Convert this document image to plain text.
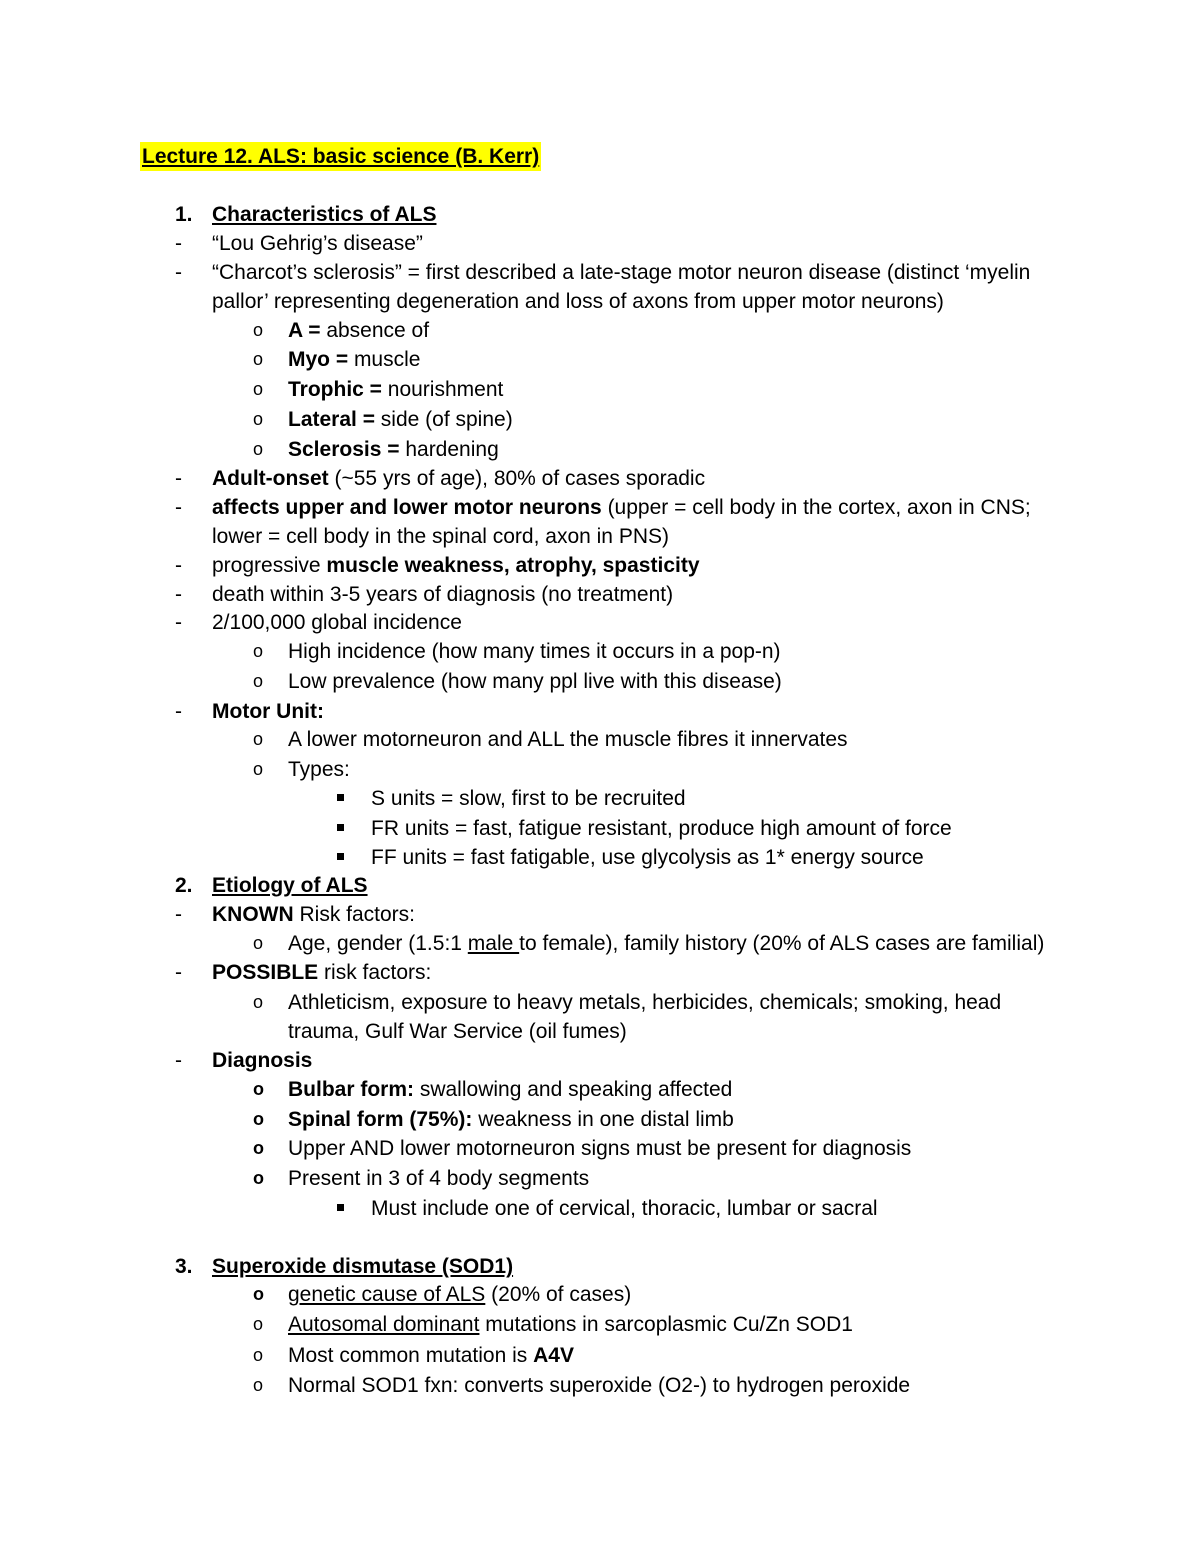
Lecture 12. ALS: basic science (B. Kerr)
1. Characteristics of ALS
-	“Lou Gehrig’s disease”
-	“Charcot’s sclerosis” = first described a late-stage motor neuron disease (distinct ‘myelin
pallor’ representing degeneration and loss of axons from upper motor neurons)
o	A = absence of
o	Myo = muscle
o	Trophic = nourishment
o	Lateral = side (of spine)
o	Sclerosis = hardening
-	Adult-onset (~55 yrs of age), 80% of cases sporadic
-	affects upper and lower motor neurons (upper = cell body in the cortex, axon in CNS;
lower = cell body in the spinal cord, axon in PNS)
-	progressive muscle weakness, atrophy, spasticity
-	death within 3-5 years of diagnosis (no treatment)
-	2/100,000 global incidence
o	High incidence (how many times it occurs in a pop-n)
o	Low prevalence (how many ppl live with this disease)
-	Motor Unit:
o	A lower motorneuron and ALL the muscle fibres it innervates
o	Types:
S units = slow, first to be recruited
FR units = fast, fatigue resistant, produce high amount of force
FF units = fast fatigable, use glycolysis as 1* energy source
2. Etiology of ALS
-	KNOWN Risk factors:
o	Age, gender (1.5:1 male to female), family history (20% of ALS cases are familial)
-	POSSIBLE risk factors:
o	Athleticism, exposure to heavy metals, herbicides, chemicals; smoking, head
trauma, Gulf War Service (oil fumes)
-	Diagnosis
o	Bulbar form: swallowing and speaking affected
o	Spinal form (75%): weakness in one distal limb
o	Upper AND lower motorneuron signs must be present for diagnosis
o	Present in 3 of 4 body segments
Must include one of cervical, thoracic, lumbar or sacral
3. Superoxide dismutase (SOD1)
o	genetic cause of ALS (20% of cases)
o	Autosomal dominant mutations in sarcoplasmic Cu/Zn SOD1
o	Most common mutation is A4V
o	Normal SOD1 fxn: converts superoxide (O2-) to hydrogen peroxide
